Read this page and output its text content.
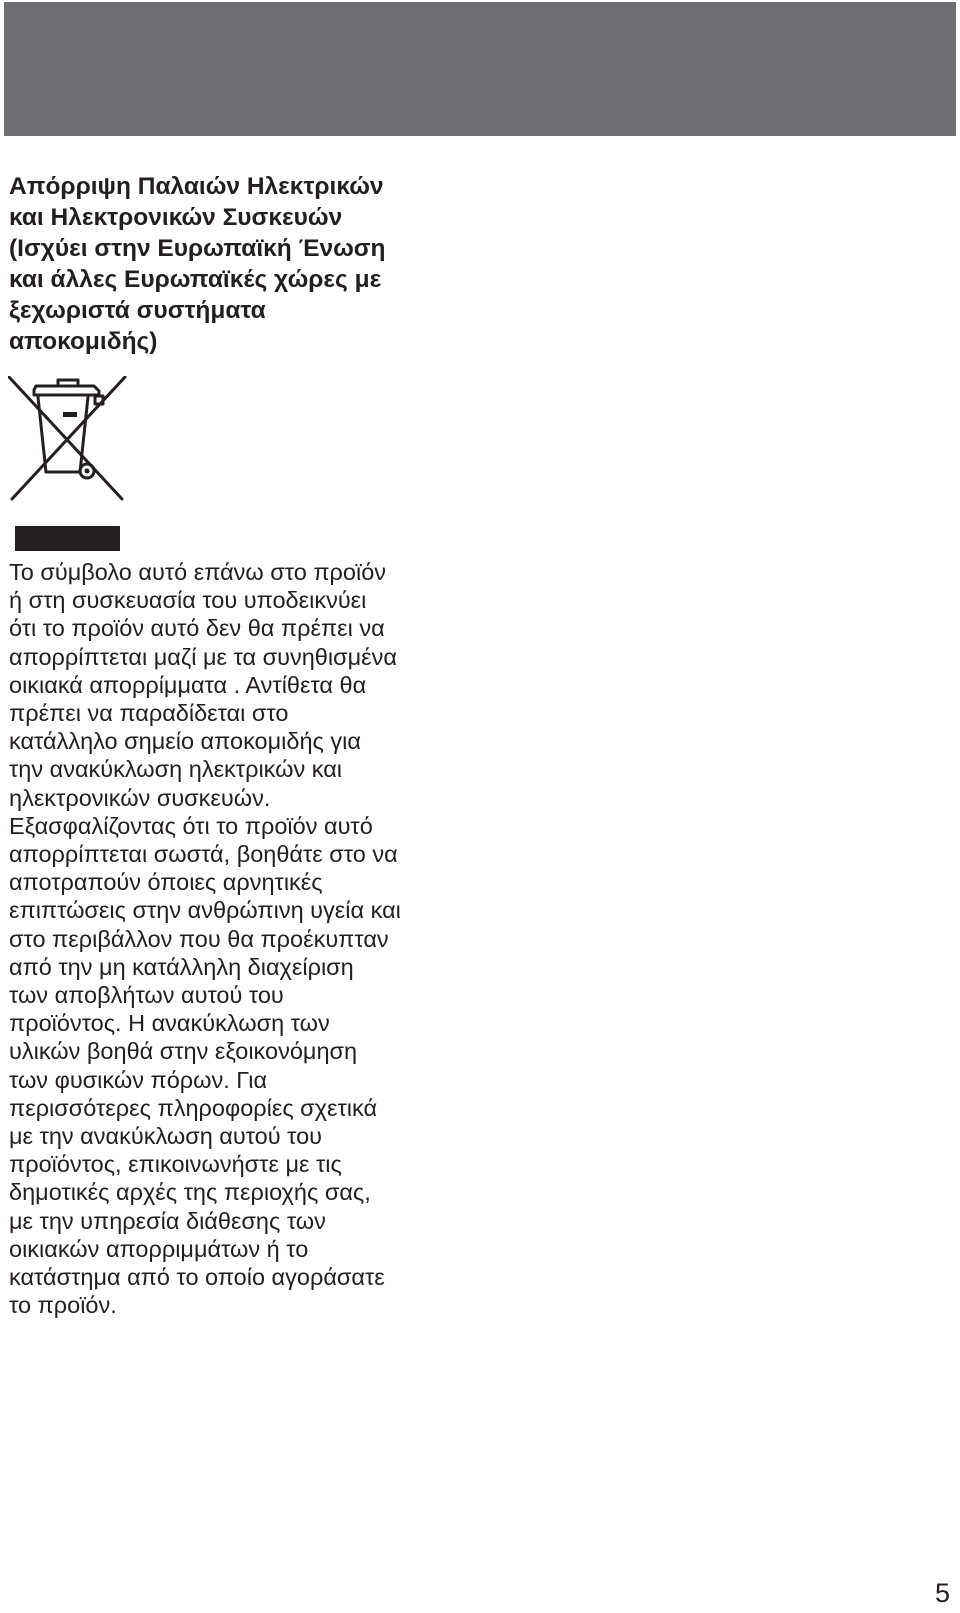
Απόρριψη Παλαιών Ηλεκτρικών
και Ηλεκτρονικών Συσκευών
(Ισχύει στην Ευρωπαϊκή Ένωση
και άλλες Ευρωπαϊκές χώρες με
ξεχωριστά συστήματα
αποκομιδής)
Το σύμβολο αυτό επάνω στο προϊόν
ή στη συσκευασία του υποδεικνύει
ότι το προϊόν αυτό δεν θα πρέπει να
απορρίπτεται μαζί με τα συνηθισμένα
οικιακά απορρίμματα . Αντίθετα θα
πρέπει να παραδίδεται στο
κατάλληλο σημείο αποκομιδής για
την ανακύκλωση ηλεκτρικών και
ηλεκτρονικών συσκευών.
Εξασφαλίζοντας ότι το προϊόν αυτό
απορρίπτεται σωστά, βοηθάτε στο να
αποτραπούν όποιες αρνητικές
επιπτώσεις στην ανθρώπινη υγεία και
στο περιβάλλον που θα προέκυπταν
από την μη κατάλληλη διαχείριση
των αποβλήτων αυτού του
προϊόντος. Η ανακύκλωση των
υλικών βοηθά στην εξοικονόμηση
των φυσικών πόρων. Για
περισσότερες πληροφορίες σχετικά
με την ανακύκλωση αυτού του
προϊόντος, επικοινωνήστε με τις
δημοτικές αρχές της περιοχής σας,
με την υπηρεσία διάθεσης των
οικιακών απορριμμάτων ή το
κατάστημα από το οποίο αγοράσατε
το προϊόν.
5
